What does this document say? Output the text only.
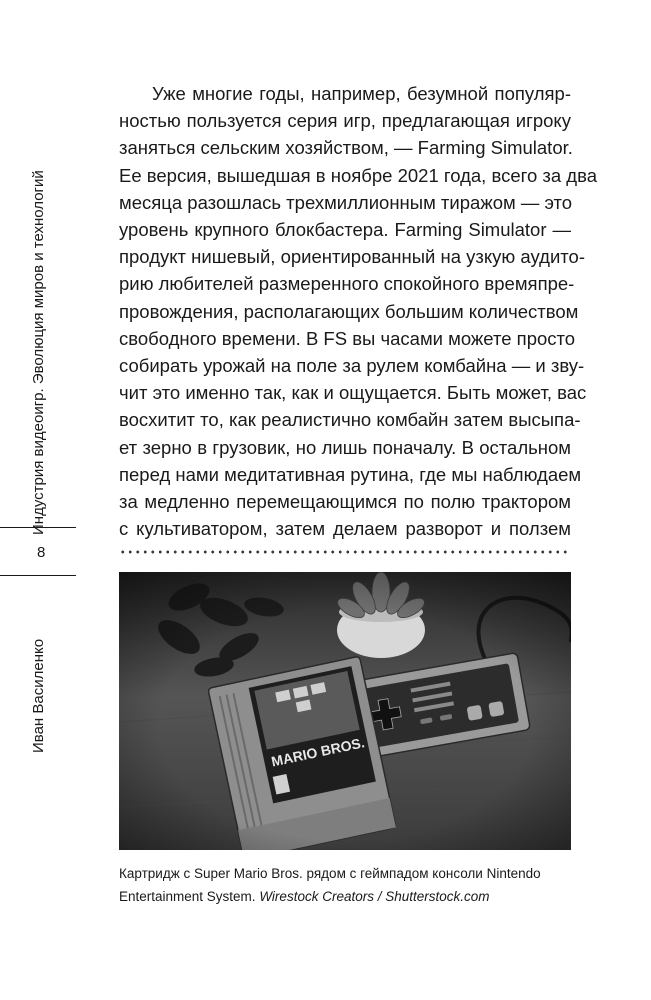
Индустрия видеоигр. Эволюция миров и технологий
8
Иван Василенко

Уже многие годы, например, безумной популяр-
ностью пользуется серия игр, предлагающая игроку
заняться сельским хозяйством, — Farming Simulator.
Ее версия, вышедшая в ноябре 2021 года, всего за два
месяца разошлась трехмиллионным тиражом — это
уровень крупного блокбастера. Farming Simulator —
продукт нишевый, ориентированный на узкую аудито-
рию любителей размеренного спокойного времяпре-
провождения, располагающих большим количеством
свободного времени. В FS вы часами можете просто
собирать урожай на поле за рулем комбайна — и зву-
чит это именно так, как и ощущается. Быть может, вас
восхитит то, как реалистично комбайн затем высыпа-
ет зерно в грузовик, но лишь поначалу. В остальном
перед нами медитативная рутина, где мы наблюдаем
за медленно перемещающимся по полю трактором
с культиватором, затем делаем разворот и ползем

Картридж с Super Mario Bros. рядом с геймпадом консоли Nintendo Entertainment System. Wirestock Creators / Shutterstock.com
